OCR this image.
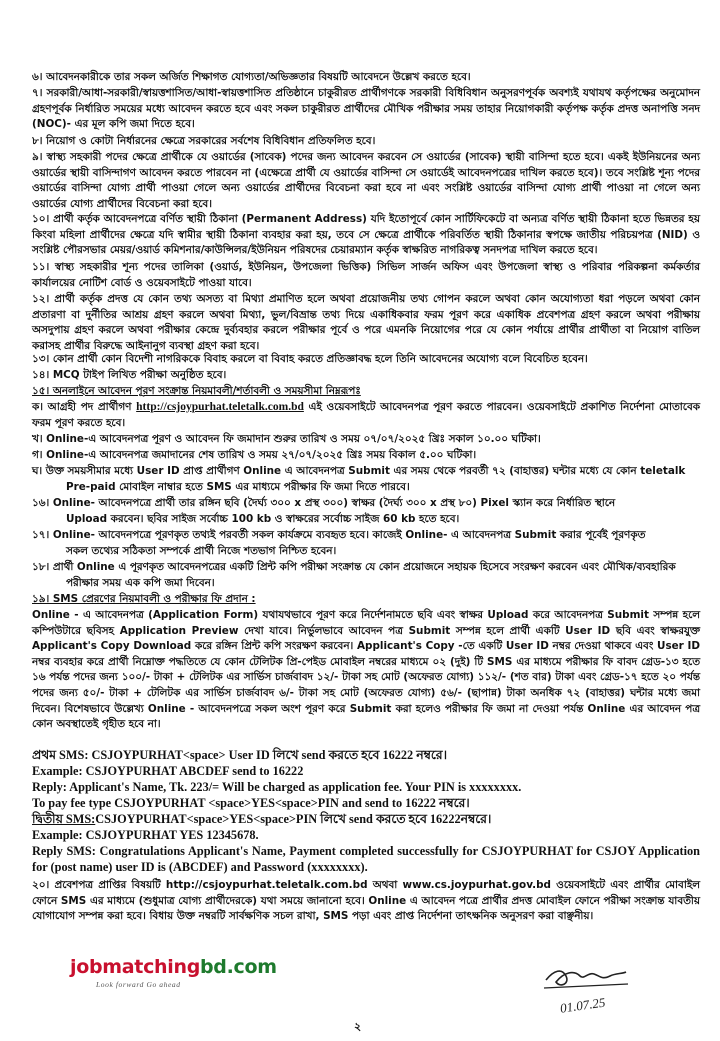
৬। আবেদনকারীকে তার সকল অর্জিত শিক্ষাগত যোগ্যতা/অভিজ্ঞতার বিষয়টি আবেদনে উল্লেখ করতে হবে।

৭। সরকারী/আধা-সরকারী/স্বায়ত্তশাসিত/আধা-স্বায়ত্তশাসিত প্রতিষ্ঠানে চাকুরীরত প্রার্থীগণকে সরকারী বিধিবিধান অনুসরণপূর্বক অবশ্যই যথাযথ কর্তৃপক্ষের অনুমোদন গ্রহণপূর্বক নির্ধারিত সময়ের মধ্যে আবেদন করতে হবে এবং সকল চাকুরীরত প্রার্থীদের মৌখিক পরীক্ষার সময় তাহার নিয়োগকারী কর্তৃপক্ষ কর্তৃক প্রদত্ত অনাপত্তি সনদ (NOC)- এর মূল কপি জমা দিতে হবে।

৮। নিয়োগ ও কোটা নির্ধারনের ক্ষেত্রে সরকারের সর্বশেষ বিধিবিধান প্রতিফলিত হবে।

৯। স্বাস্থ্য সহকারী পদের ক্ষেত্রে প্রার্থীকে যে ওয়ার্ডের (সাবেক) পদের জন্য আবেদন করবেন সে ওয়ার্ডের (সাবেক) স্থায়ী বাসিন্দা হতে হবে। একই ইউনিয়নের অন্য ওয়ার্ডের স্থায়ী বাসিন্দাগণ আবেদন করতে পারবেন না (এক্ষেত্রে প্রার্থী যে ওয়ার্ডের বাসিন্দা সে ওয়ার্ডেই আবেদনপত্রের দাখিল করতে হবে)। তবে সংশ্লিষ্ট শূন্য পদের ওয়ার্ডের বাসিন্দা যোগ্য প্রার্থী পাওয়া গেলে অন্য ওয়ার্ডের প্রার্থীদের বিবেচনা করা হবে না এবং সংশ্লিষ্ট ওয়ার্ডের বাসিন্দা যোগ্য প্রার্থী পাওয়া না গেলে অন্য ওয়ার্ডের যোগ্য প্রার্থীদের বিবেচনা করা হবে।

১০। প্রার্থী কর্তৃক আবেদনপত্রে বর্ণিত স্থায়ী ঠিকানা (Permanent Address) যদি ইতোপূর্বে কোন সার্টিফিকেটে বা অন্যত্র বর্ণিত স্থায়ী ঠিকানা হতে ভিন্নতর হয় কিংবা মহিলা প্রার্থীদের ক্ষেত্রে যদি স্বামীর স্থায়ী ঠিকানা ব্যবহার করা হয়, তবে সে ক্ষেত্রে প্রার্থীকে পরিবর্তিত স্থায়ী ঠিকানার স্বপক্ষে জাতীয় পরিচয়পত্র (NID) ও সংশ্লিষ্ট পৌরসভার মেয়র/ওয়ার্ড কমিশনার/কাউন্সিলর/ইউনিয়ন পরিষদের চেয়ারম্যান কর্তৃক স্বাক্ষরিত নাগরিকত্ব সনদপত্র দাখিল করতে হবে।

১১। স্বাস্থ্য সহকারীর শূন্য পদের তালিকা (ওয়ার্ড, ইউনিয়ন, উপজেলা ভিত্তিক) সিভিল সার্জন অফিস এবং উপজেলা স্বাস্থ্য ও পরিবার পরিকল্পনা কর্মকর্তার কার্যালয়ের নোটিশ বোর্ড ও ওয়েবসাইটে পাওয়া যাবে।

১২। প্রার্থী কর্তৃক প্রদত্ত যে কোন তথ্য অসত্য বা মিথ্যা প্রমাণিত হলে অথবা প্রয়োজনীয় তথ্য গোপন করলে অথবা কোন অযোগ্যতা ধরা পড়লে অথবা কোন প্রতারণা বা দুর্নীতির আশ্রয় গ্রহণ করলে অথবা মিথ্যা, ভুল/বিভ্রান্ত তথ্য দিয়ে একাধিকবার ফরম পূরণ করে একাধিক প্রবেশপত্র গ্রহণ করলে অথবা পরীক্ষায় অসদুপায় গ্রহণ করলে অথবা পরীক্ষার কেন্দ্রে দুর্ব্যবহার করলে পরীক্ষার পূর্বে ও পরে এমনকি নিয়োগের পরে যে কোন পর্যায়ে প্রার্থীর প্রার্থীতা বা নিয়োগ বাতিল করাসহ প্রার্থীর বিরুদ্ধে আইনানুগ ব্যবস্থা গ্রহণ করা হবে।

১৩। কোন প্রার্থী কোন বিদেশী নাগরিককে বিবাহ করলে বা বিবাহ করতে প্রতিজ্ঞাবদ্ধ হলে তিনি আবেদনের অযোগ্য বলে বিবেচিত হবেন।

১৪। MCQ টাইপ লিখিত পরীক্ষা অনুষ্ঠিত হবে।

১৫। অনলাইনে আবেদন পূরণ সংক্রান্ত নিয়মাবলী/শর্তাবলী ও সময়সীমা নিম্নরূপঃ

ক। আগ্রহী পদ প্রার্থীগণ http://csjoypurhat.teletalk.com.bd এই ওয়েবসাইটে আবেদনপত্র পূরণ করতে পারবেন। ওয়েবসাইটে প্রকাশিত নির্দেশনা মোতাবেক ফরম পূরণ করতে হবে।

খ। Online-এ আবেদনপত্র পূরণ ও আবেদন ফি জমাদান শুরুর তারিখ ও সময় ০৭/০৭/২০২৫ খ্রিঃ সকাল ১০.০০ ঘটিকা।

গ। Online-এ আবেদনপত্র জমাদানের শেষ তারিখ ও সময় ২৭/০৭/২০২৫ খ্রিঃ সময় বিকাল ৫.০০ ঘটিকা।

ঘ। উক্ত সময়সীমার মধ্যে User ID প্রাপ্ত প্রার্থীগণ Online এ আবেদনপত্র Submit এর সময় থেকে পরবর্তী ৭২ (বাহাত্তর) ঘন্টার মধ্যে যে কোন teletalk

Pre-paid মোবাইল নাম্বার হতে SMS এর মাধ্যমে পরীক্ষার ফি জমা দিতে পারবে।

১৬। Online- আবেদনপত্রে প্রার্থী তার রঙ্গিন ছবি (দৈর্ঘ্য ৩০০ x প্রস্থ ৩০০) স্বাক্ষর (দৈর্ঘ্য ৩০০ x প্রস্থ ৮০) Pixel স্ক্যান করে নির্ধারিত স্থানে

Upload করবেন। ছবির সাইজ সর্বোচ্চ 100 kb ও স্বাক্ষরের সর্বোচ্চ সাইজ 60 kb হতে হবে।

১৭। Online- আবেদনপত্রে পূরণকৃত তথ্যই পরবর্তী সকল কার্যক্রমে ব্যবহৃত হবে। কাজেই Online- এ আবেদনপত্র Submit করার পূর্বেই পূরণকৃত

সকল তথ্যের সঠিকতা সম্পর্কে প্রার্থী নিজে শতভাগ নিশ্চিত হবেন।

১৮। প্রার্থী Online এ পূরণকৃত আবেদনপত্রের একটি প্রিন্ট কপি পরীক্ষা সংক্রান্ত যে কোন প্রয়োজনে সহায়ক হিসেবে সংরক্ষণ করবেন এবং মৌখিক/ব্যবহারিক

পরীক্ষার সময় এক কপি জমা দিবেন।

১৯। SMS প্রেরণের নিয়মাবলী ও পরীক্ষার ফি প্রদান :

Online - এ আবেদনপত্র (Application Form) যথাযথভাবে পূরণ করে নির্দেশনামতে ছবি এবং স্বাক্ষর Upload করে আবেদনপত্র Submit সম্পন্ন হলে কম্পিউটারে ছবিসহ Application Preview দেখা যাবে। নির্ভুলভাবে আবেদন পত্র Submit সম্পন্ন হলে প্রার্থী একটি User ID ছবি এবং স্বাক্ষরযুক্ত Applicant's Copy Download করে রঙ্গিন প্রিন্ট কপি সংরক্ষণ করবেন। Applicant's Copy -তে একটি User ID নম্বর দেওয়া থাকবে এবং User ID নম্বর ব্যবহার করে প্রার্থী নিম্নোক্ত পদ্ধতিতে যে কোন টেলিটক প্রি-পেইড মোবাইল নম্বরের মাধ্যমে ০২ (দুই) টি SMS এর মাধ্যমে পরীক্ষার ফি বাবদ গ্রেড-১৩ হতে ১৬ পর্যন্ত পদের জন্য ১০০/- টাকা + টেলিটক এর সার্ভিস চার্জবাবদ ১২/- টাকা সহ মোট (অফেরত যোগ্য) ১১২/- (শত বার) টাকা এবং গ্রেড-১৭ হতে ২০ পর্যন্ত পদের জন্য ৫০/- টাকা + টেলিটক এর সার্ভিস চার্জবাবদ ৬/- টাকা সহ মোট (অফেরত যোগ্য) ৫৬/- (ছাপান্ন) টাকা অনধিক ৭২ (বাহাত্তর) ঘন্টার মধ্যে জমা দিবেন। বিশেষভাবে উল্লেখ্য Online - আবেদনপত্রে সকল অংশ পূরণ করে Submit করা হলেও পরীক্ষার ফি জমা না দেওয়া পর্যন্ত Online এর আবেদন পত্র কোন অবস্থাতেই গৃহীত হবে না।

প্রথম SMS: CSJOYPURHAT<space> User ID লিখে send করতে হবে 16222 নম্বরে।

Example: CSJOYPURHAT ABCDEF send to 16222

Reply: Applicant's Name, Tk. 223/= Will be charged as application fee. Your PIN is xxxxxxxx.

To pay fee type CSJOYPURHAT <space>YES<space>PIN and send to 16222 নম্বরে।

দ্বিতীয় SMS:CSJOYPURHAT<space>YES<space>PIN লিখে send করতে হবে 16222নম্বরে।

Example: CSJOYPURHAT YES 12345678.

Reply SMS: Congratulations Applicant's Name, Payment completed successfully for CSJOYPURHAT for CSJOY Application for (post name) user ID is (ABCDEF) and Password (xxxxxxxx).

২০। প্রবেশপত্র প্রাপ্তির বিষয়টি http://csjoypurhat.teletalk.com.bd অথবা www.cs.joypurhat.gov.bd ওয়েবসাইটে এবং প্রার্থীর মোবাইল ফোনে SMS এর মাধ্যমে (শুধুমাত্র যোগ্য প্রার্থীদেরকে) যথা সময়ে জানানো হবে। Online এ আবেদন পত্রে প্রার্থীর প্রদত্ত মোবাইল ফোনে পরীক্ষা সংক্রান্ত যাবতীয় যোগাযোগ সম্পন্ন করা হবে। বিধায় উক্ত নম্বরটি সার্বক্ষণিক সচল রাখা, SMS পড়া এবং প্রাপ্ত নির্দেশনা তাৎক্ষনিক অনুসরণ করা বাঞ্ছনীয়।

jobmatchingbd.com
Look forward Go ahead
01.07.25
২
